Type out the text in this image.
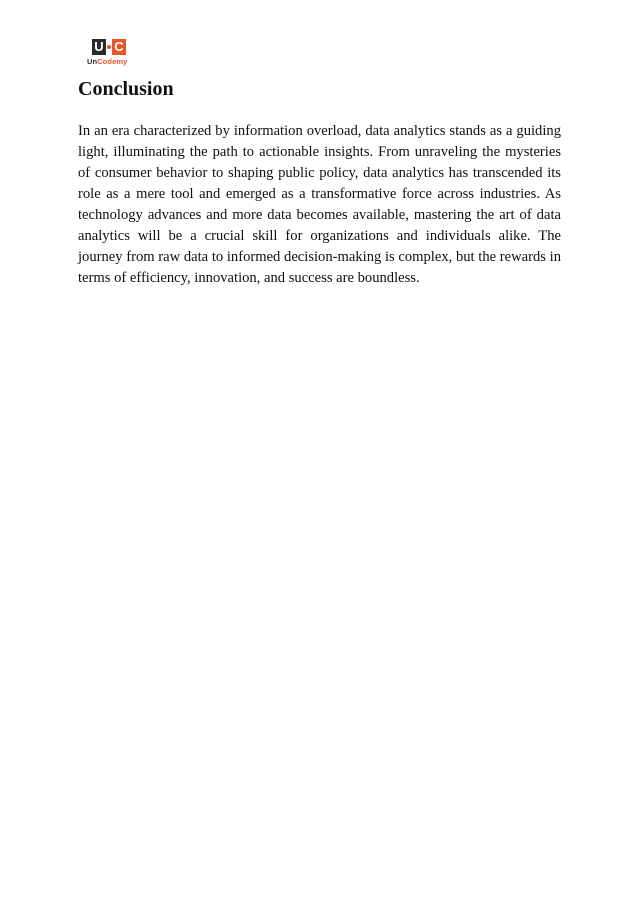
U C
UnCodemy
Conclusion

In an era characterized by information overload, data analytics stands as a guiding light, illuminating the path to actionable insights. From unraveling the mysteries of consumer behavior to shaping public policy, data analytics has transcended its role as a mere tool and emerged as a transformative force across industries. As technology advances and more data becomes available, mastering the art of data analytics will be a crucial skill for organizations and individuals alike. The journey from raw data to informed decision-making is complex, but the rewards in terms of efficiency, innovation, and success are boundless.
